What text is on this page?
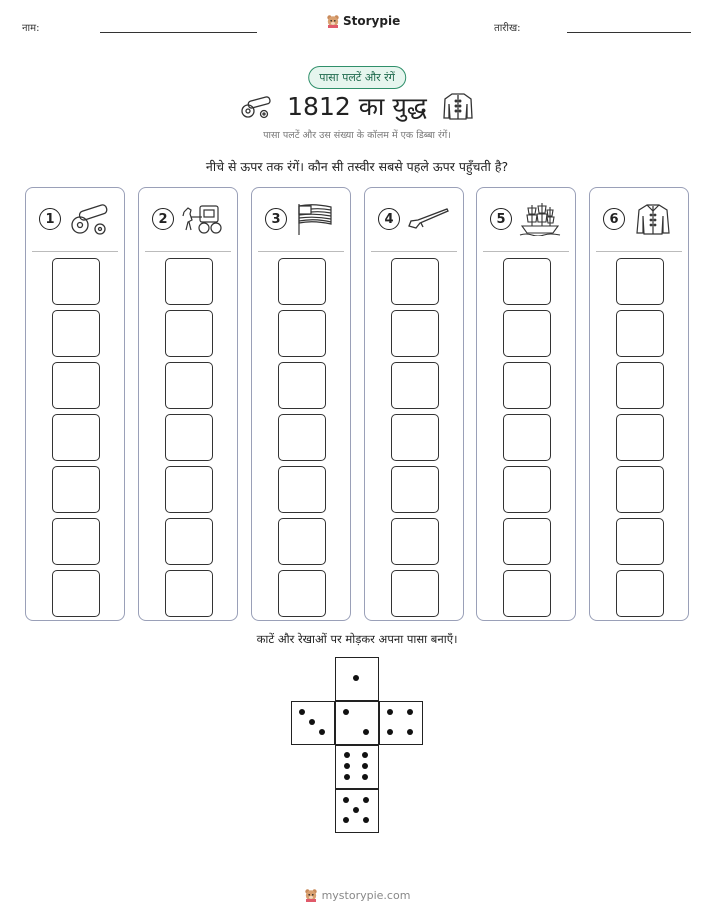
नाम:
Storypie
तारीख:
पासा पलटें और रंगें
1812 का युद्ध
पासा पलटें और उस संख्या के कॉलम में एक डिब्बा रंगें।
नीचे से ऊपर तक रंगें। कौन सी तस्वीर सबसे पहले ऊपर पहुँचती है?
1	2	3	4	5	6
काटें और रेखाओं पर मोड़कर अपना पासा बनाएँ।
mystorypie.com
